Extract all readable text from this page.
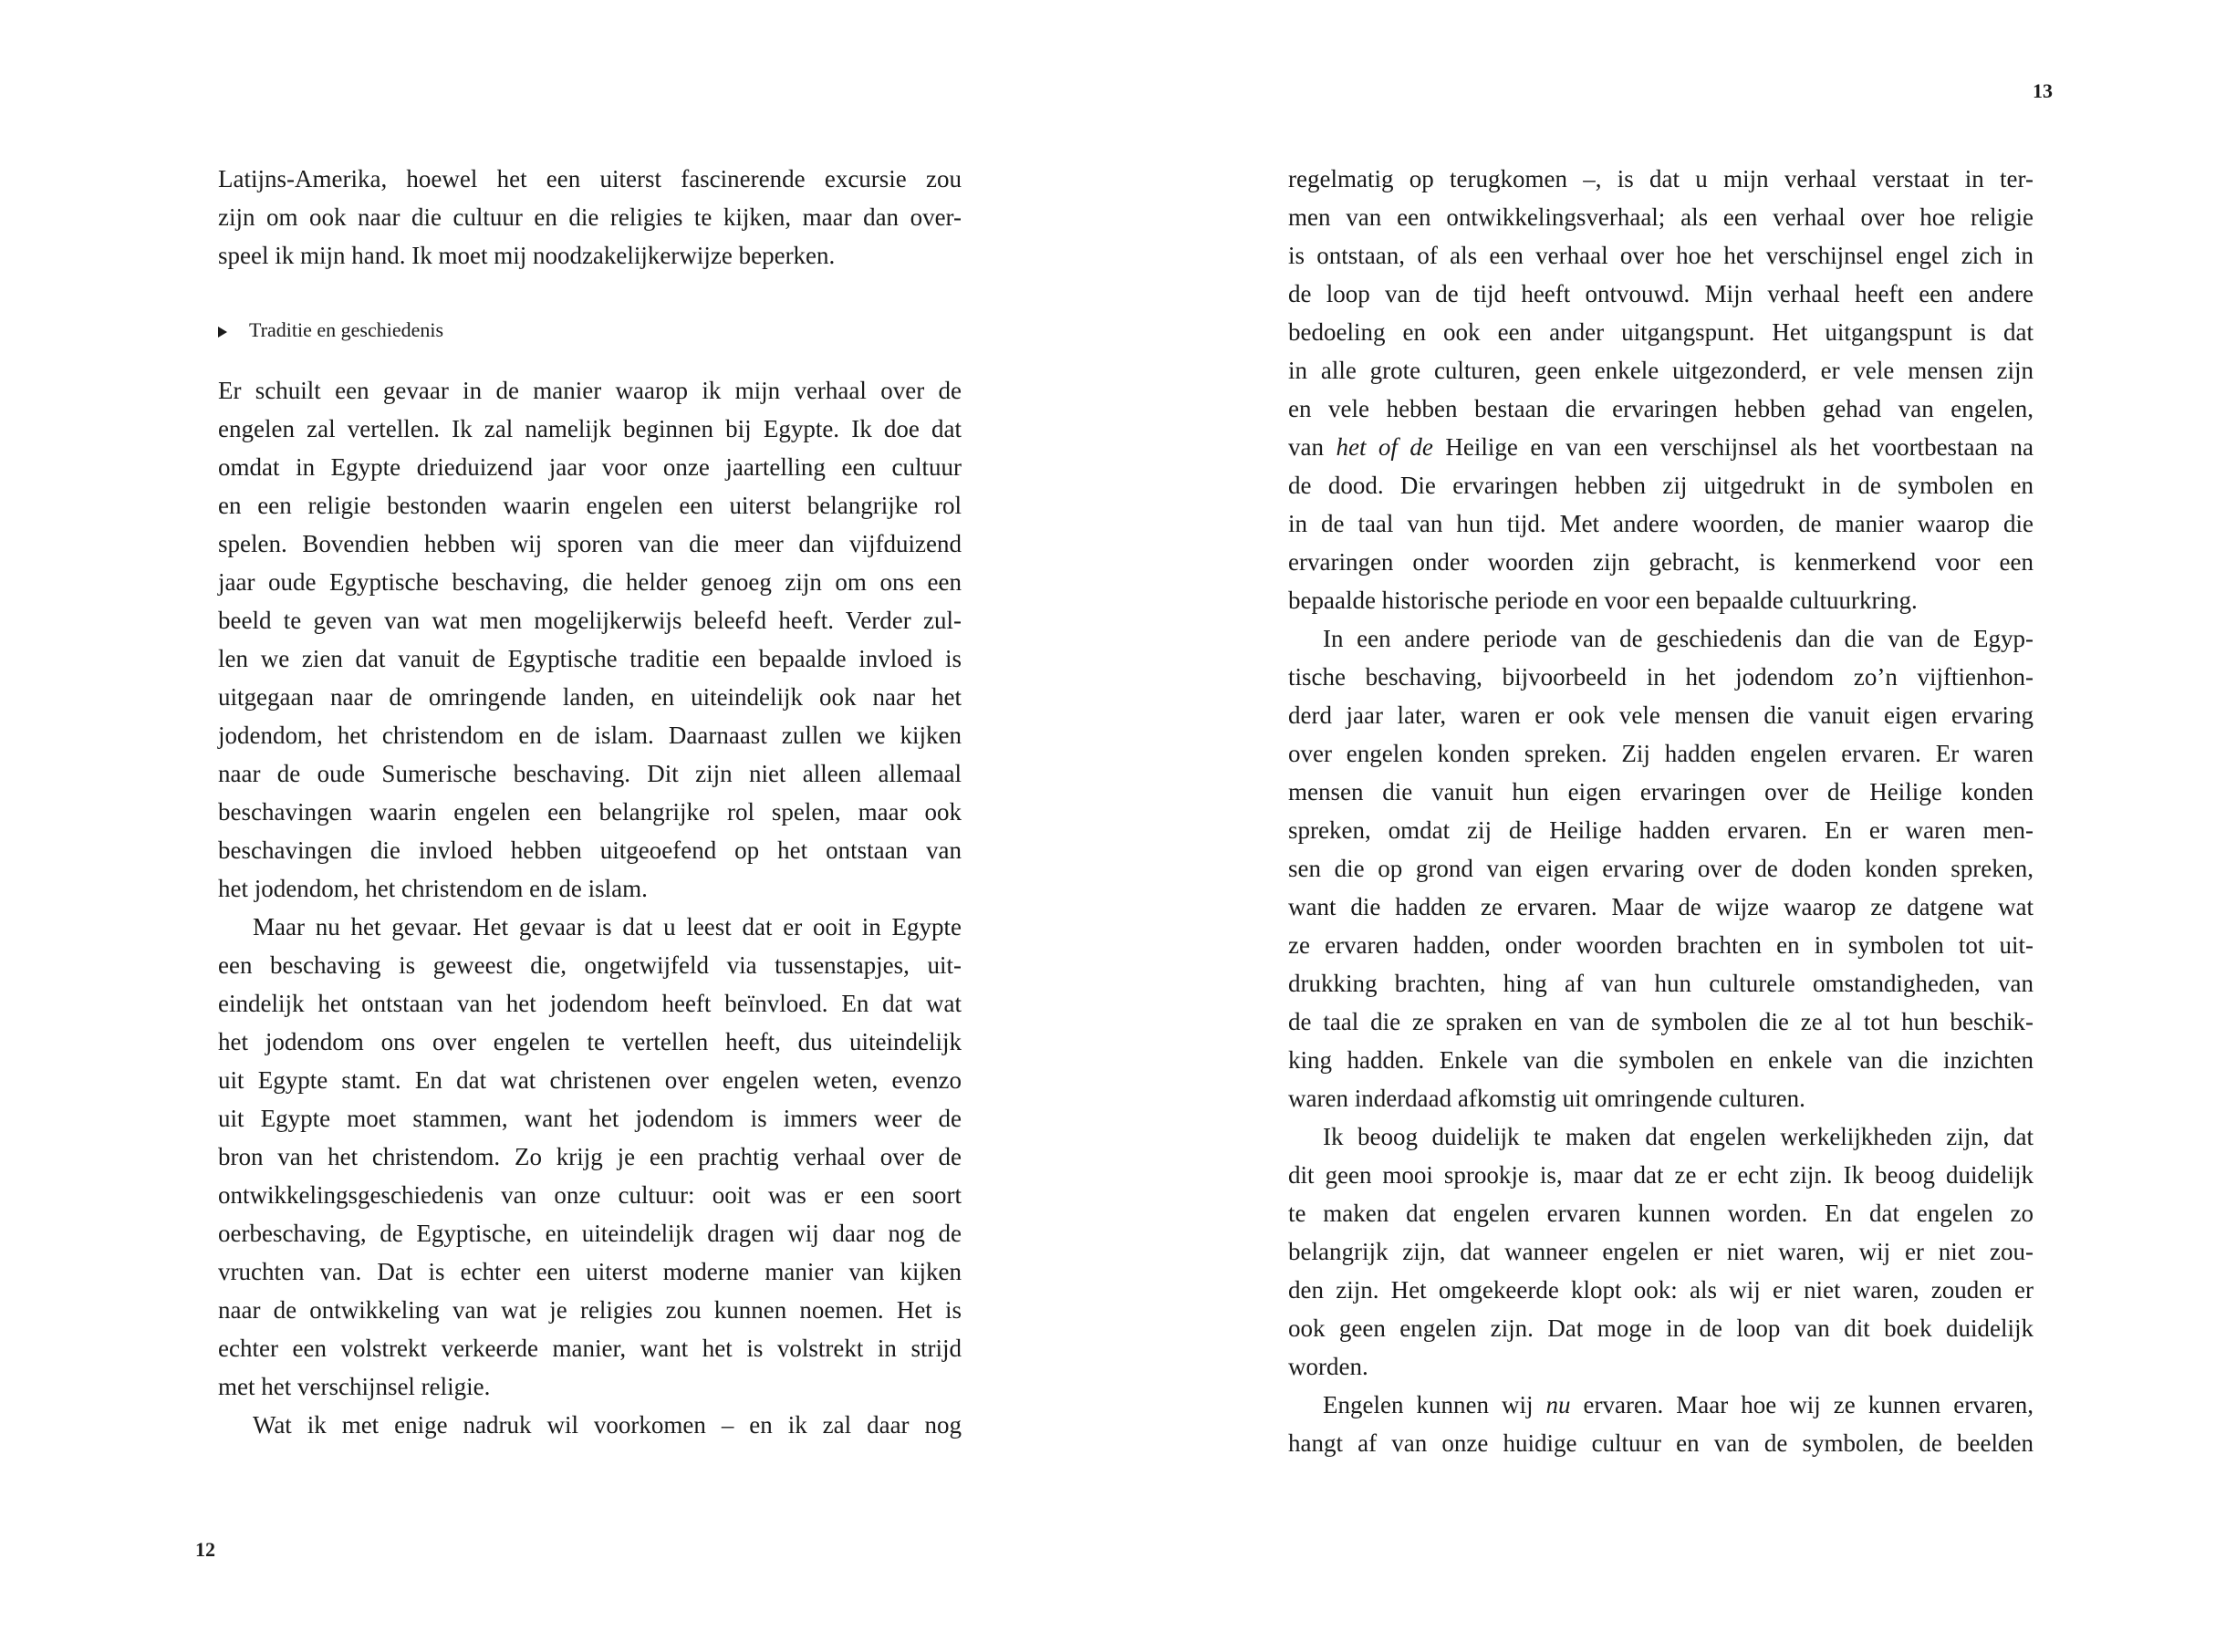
12
13
Latijns-Amerika, hoewel het een uiterst fascinerende excursie zou
zijn om ook naar die cultuur en die religies te kijken, maar dan over-
speel ik mijn hand. Ik moet mij noodzakelijkerwijze beperken.
Traditie en geschiedenis
Er schuilt een gevaar in de manier waarop ik mijn verhaal over de
engelen zal vertellen. Ik zal namelijk beginnen bij Egypte. Ik doe dat
omdat in Egypte drieduizend jaar voor onze jaartelling een cultuur
en een religie bestonden waarin engelen een uiterst belangrijke rol
spelen. Bovendien hebben wij sporen van die meer dan vijfduizend
jaar oude Egyptische beschaving, die helder genoeg zijn om ons een
beeld te geven van wat men mogelijkerwijs beleefd heeft. Verder zul-
len we zien dat vanuit de Egyptische traditie een bepaalde invloed is
uitgegaan naar de omringende landen, en uiteindelijk ook naar het
jodendom, het christendom en de islam. Daarnaast zullen we kijken
naar de oude Sumerische beschaving. Dit zijn niet alleen allemaal
beschavingen waarin engelen een belangrijke rol spelen, maar ook
beschavingen die invloed hebben uitgeoefend op het ontstaan van
het jodendom, het christendom en de islam.
Maar nu het gevaar. Het gevaar is dat u leest dat er ooit in Egypte
een beschaving is geweest die, ongetwijfeld via tussenstapjes, uit-
eindelijk het ontstaan van het jodendom heeft beïnvloed. En dat wat
het jodendom ons over engelen te vertellen heeft, dus uiteindelijk
uit Egypte stamt. En dat wat christenen over engelen weten, evenzo
uit Egypte moet stammen, want het jodendom is immers weer de
bron van het christendom. Zo krijg je een prachtig verhaal over de
ontwikkelingsgeschiedenis van onze cultuur: ooit was er een soort
oerbeschaving, de Egyptische, en uiteindelijk dragen wij daar nog de
vruchten van. Dat is echter een uiterst moderne manier van kijken
naar de ontwikkeling van wat je religies zou kunnen noemen. Het is
echter een volstrekt verkeerde manier, want het is volstrekt in strijd
met het verschijnsel religie.
Wat ik met enige nadruk wil voorkomen – en ik zal daar nog
regelmatig op terugkomen –, is dat u mijn verhaal verstaat in ter-
men van een ontwikkelingsverhaal; als een verhaal over hoe religie
is ontstaan, of als een verhaal over hoe het verschijnsel engel zich in
de loop van de tijd heeft ontvouwd. Mijn verhaal heeft een andere
bedoeling en ook een ander uitgangspunt. Het uitgangspunt is dat
in alle grote culturen, geen enkele uitgezonderd, er vele mensen zijn
en vele hebben bestaan die ervaringen hebben gehad van engelen,
van het of de Heilige en van een verschijnsel als het voortbestaan na
de dood. Die ervaringen hebben zij uitgedrukt in de symbolen en
in de taal van hun tijd. Met andere woorden, de manier waarop die
ervaringen onder woorden zijn gebracht, is kenmerkend voor een
bepaalde historische periode en voor een bepaalde cultuurkring.
In een andere periode van de geschiedenis dan die van de Egyp-
tische beschaving, bijvoorbeeld in het jodendom zo’n vijftienhon-
derd jaar later, waren er ook vele mensen die vanuit eigen ervaring
over engelen konden spreken. Zij hadden engelen ervaren. Er waren
mensen die vanuit hun eigen ervaringen over de Heilige konden
spreken, omdat zij de Heilige hadden ervaren. En er waren men-
sen die op grond van eigen ervaring over de doden konden spreken,
want die hadden ze ervaren. Maar de wijze waarop ze datgene wat
ze ervaren hadden, onder woorden brachten en in symbolen tot uit-
drukking brachten, hing af van hun culturele omstandigheden, van
de taal die ze spraken en van de symbolen die ze al tot hun beschik-
king hadden. Enkele van die symbolen en enkele van die inzichten
waren inderdaad afkomstig uit omringende culturen.
Ik beoog duidelijk te maken dat engelen werkelijkheden zijn, dat
dit geen mooi sprookje is, maar dat ze er echt zijn. Ik beoog duidelijk
te maken dat engelen ervaren kunnen worden. En dat engelen zo
belangrijk zijn, dat wanneer engelen er niet waren, wij er niet zou-
den zijn. Het omgekeerde klopt ook: als wij er niet waren, zouden er
ook geen engelen zijn. Dat moge in de loop van dit boek duidelijk
worden.
Engelen kunnen wij nu ervaren. Maar hoe wij ze kunnen ervaren,
hangt af van onze huidige cultuur en van de symbolen, de beelden
